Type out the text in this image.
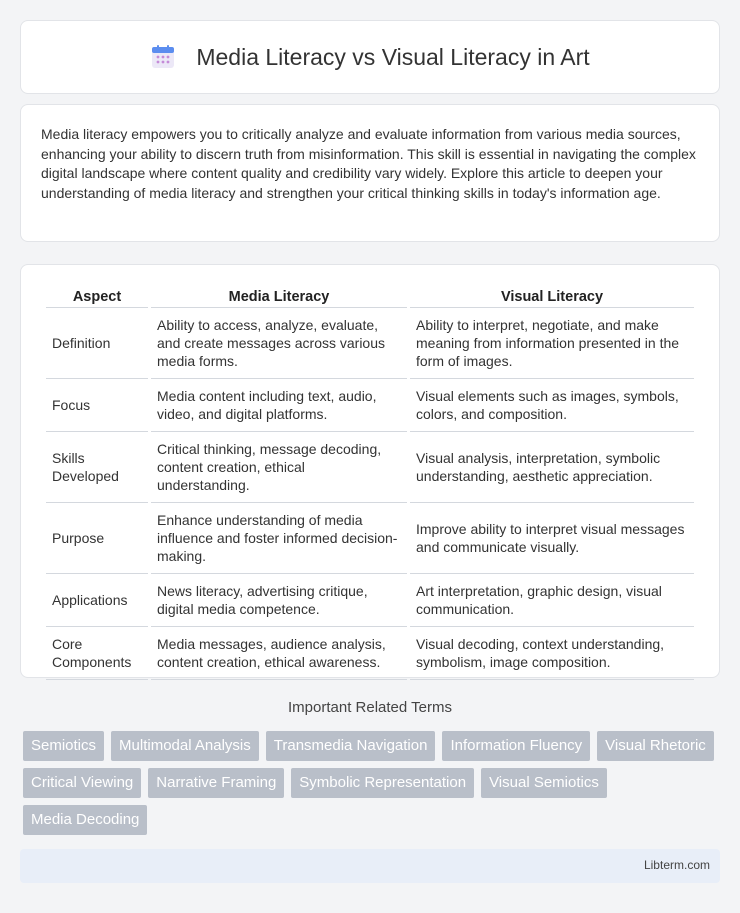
Media Literacy vs Visual Literacy in Art

Media literacy empowers you to critically analyze and evaluate information from various media sources, enhancing your ability to discern truth from misinformation. This skill is essential in navigating the complex digital landscape where content quality and credibility vary widely. Explore this article to deepen your understanding of media literacy and strengthen your critical thinking skills in today's information age.

Aspect	Media Literacy	Visual Literacy
Definition	Ability to access, analyze, evaluate, and create messages across various media forms.	Ability to interpret, negotiate, and make meaning from information presented in the form of images.
Focus	Media content including text, audio, video, and digital platforms.	Visual elements such as images, symbols, colors, and composition.
Skills Developed	Critical thinking, message decoding, content creation, ethical understanding.	Visual analysis, interpretation, symbolic understanding, aesthetic appreciation.
Purpose	Enhance understanding of media influence and foster informed decision-making.	Improve ability to interpret visual messages and communicate visually.
Applications	News literacy, advertising critique, digital media competence.	Art interpretation, graphic design, visual communication.
Core Components	Media messages, audience analysis, content creation, ethical awareness.	Visual decoding, context understanding, symbolism, image composition.
Important Related Terms
Semiotics	Multimodal Analysis	Transmedia Navigation	Information Fluency	Visual Rhetoric
Critical Viewing	Narrative Framing	Symbolic Representation	Visual Semiotics
Media Decoding
Libterm.com
